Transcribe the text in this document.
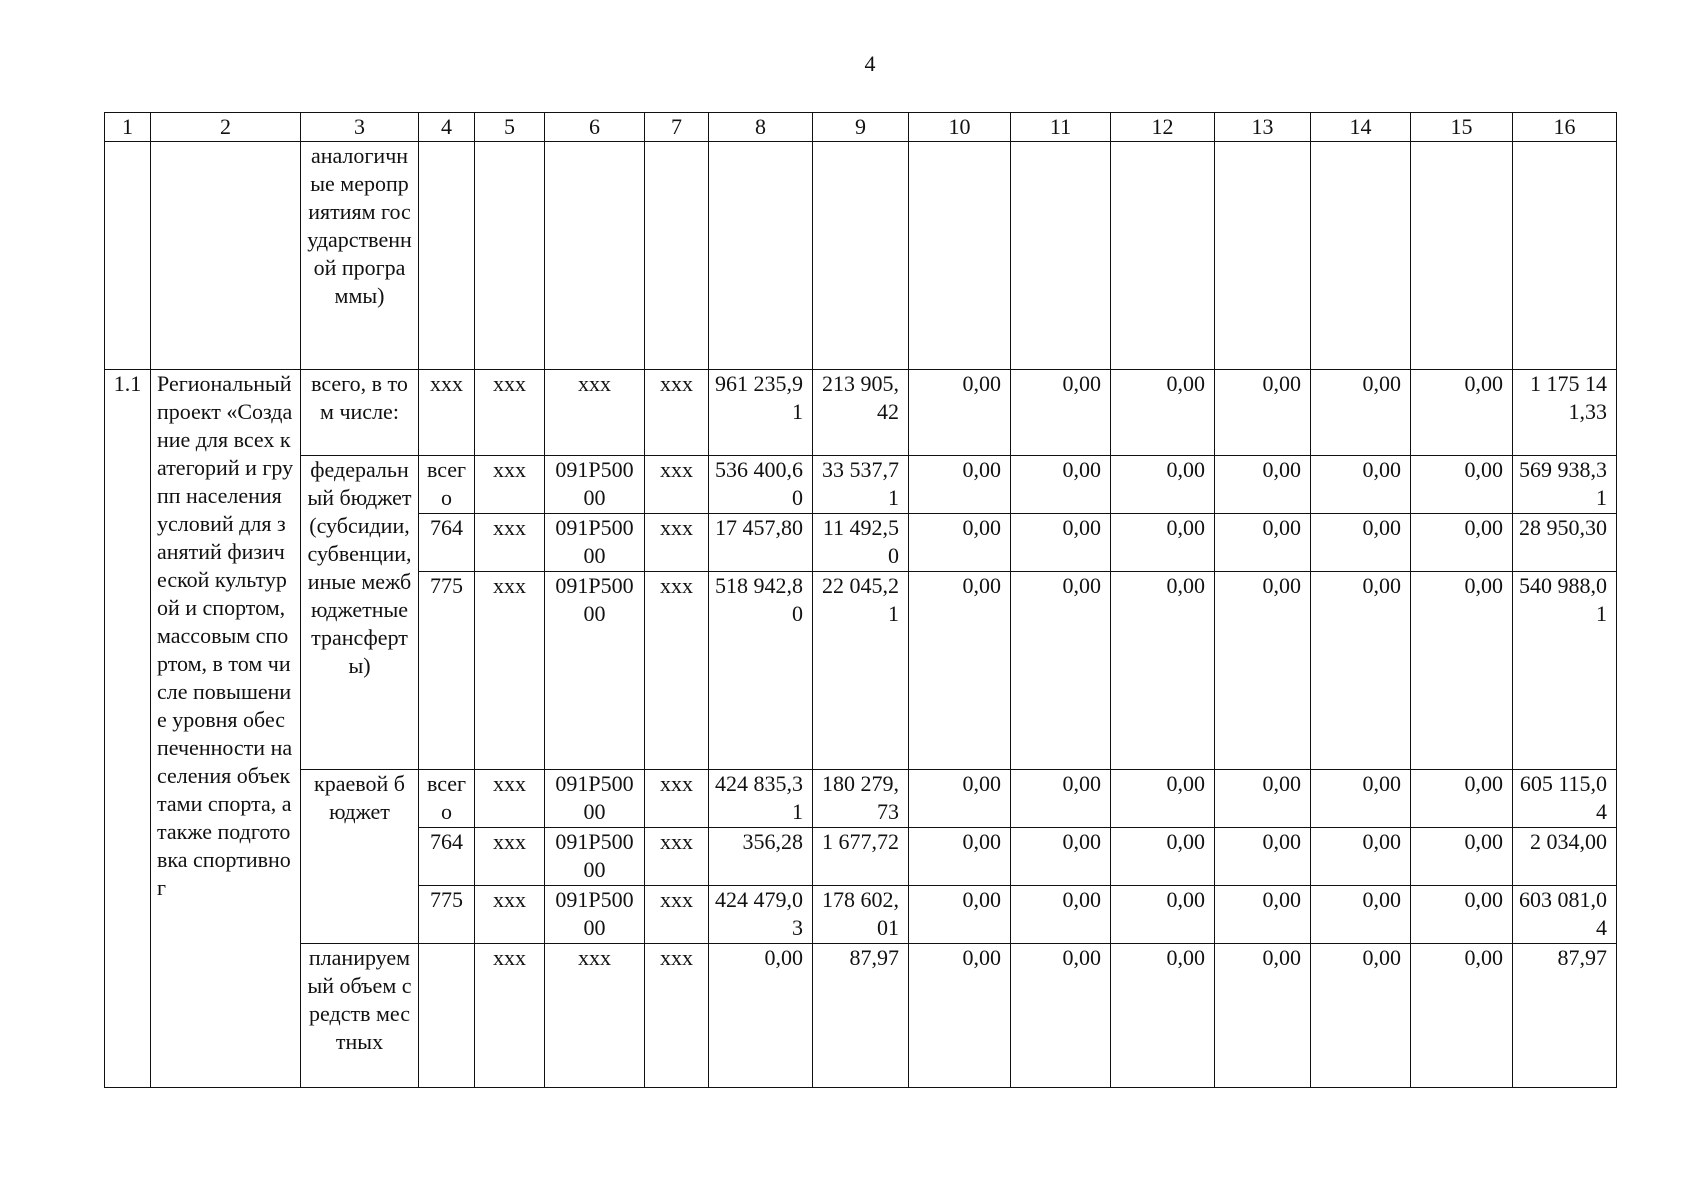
4
1	2	3	4	5	6	7	8	9	10	11	12	13	14	15	16
		аналогичные мероприятиям государственной программы)													
1.1	Региональный проект «Создание для всех категорий и групп населения условий для занятий физической культурой и спортом, массовым спортом, в том числе повышение уровня обеспеченности населения объектами спорта, а также подготовка спортивног	всего, в том числе:	ххх	ххх	ххх	ххх	961 235,91	213 905,42	0,00	0,00	0,00	0,00	0,00	0,00	1 175 141,33
		федеральный бюджет (субсидии, субвенции, иные межбюджетные трансферты)	всего	ххх	091P50000	ххх	536 400,60	33 537,71	0,00	0,00	0,00	0,00	0,00	0,00	569 938,31
			764	ххх	091P50000	ххх	17 457,80	11 492,50	0,00	0,00	0,00	0,00	0,00	0,00	28 950,30
			775	ххх	091P50000	ххх	518 942,80	22 045,21	0,00	0,00	0,00	0,00	0,00	0,00	540 988,01
		краевой бюджет	всего	ххх	091P50000	ххх	424 835,31	180 279,73	0,00	0,00	0,00	0,00	0,00	0,00	605 115,04
			764	ххх	091P50000	ххх	356,28	1 677,72	0,00	0,00	0,00	0,00	0,00	0,00	2 034,00
			775	ххх	091P50000	ххх	424 479,03	178 602,01	0,00	0,00	0,00	0,00	0,00	0,00	603 081,04
		планируемый объем средств местных		ххх	ххх	ххх	0,00	87,97	0,00	0,00	0,00	0,00	0,00	0,00	87,97
